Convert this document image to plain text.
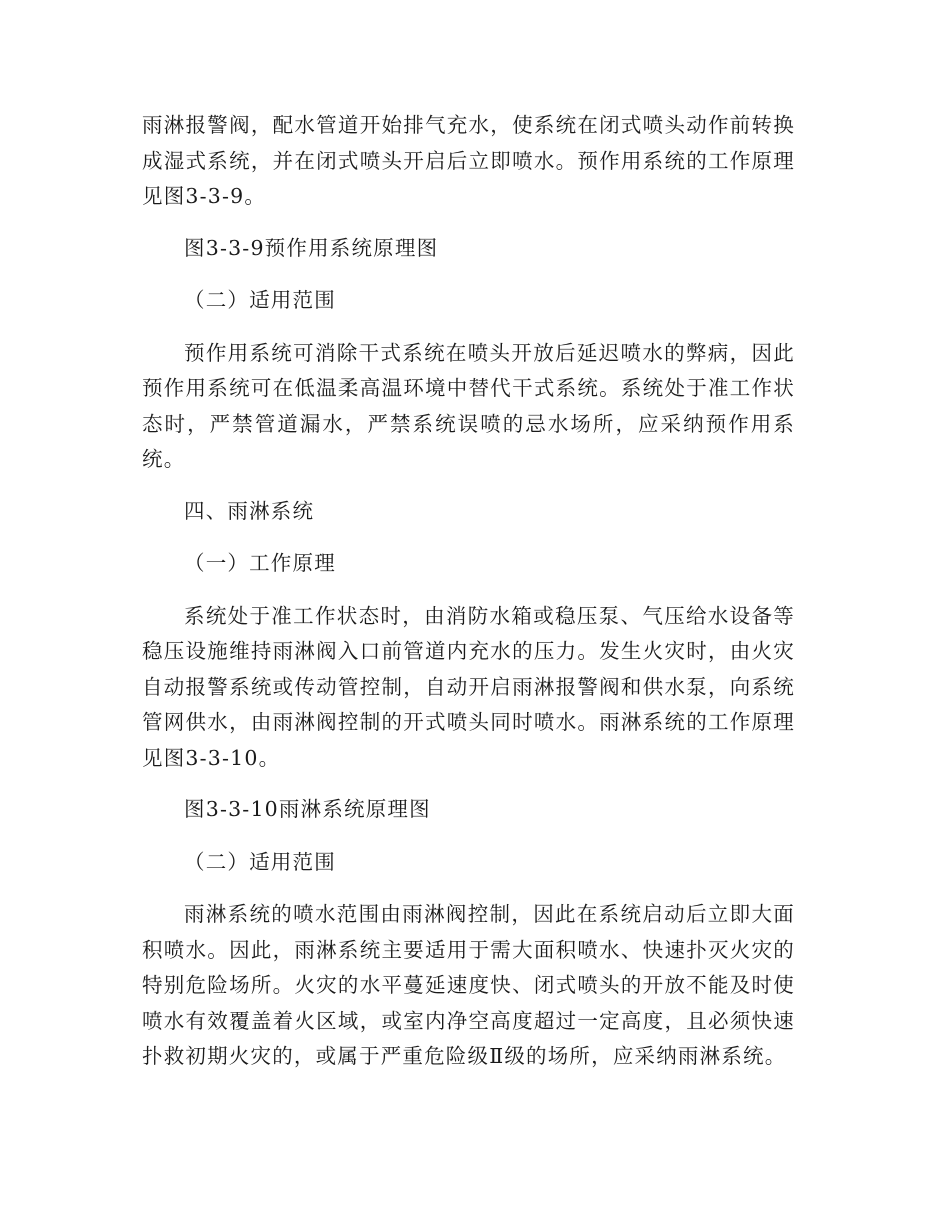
雨淋报警阀，配水管道开始排气充水，使系统在闭式喷头动作前转换成湿式系统，并在闭式喷头开启后立即喷水。预作用系统的工作原理见图3-3-9。

图3-3-9预作用系统原理图

（二）适用范围

预作用系统可消除干式系统在喷头开放后延迟喷水的弊病，因此预作用系统可在低温柔高温环境中替代干式系统。系统处于准工作状态时，严禁管道漏水，严禁系统误喷的忌水场所，应采纳预作用系统。

四、雨淋系统

（一）工作原理

系统处于准工作状态时，由消防水箱或稳压泵、气压给水设备等稳压设施维持雨淋阀入口前管道内充水的压力。发生火灾时，由火灾自动报警系统或传动管控制，自动开启雨淋报警阀和供水泵，向系统管网供水，由雨淋阀控制的开式喷头同时喷水。雨淋系统的工作原理见图3-3-10。

图3-3-10雨淋系统原理图

（二）适用范围

雨淋系统的喷水范围由雨淋阀控制，因此在系统启动后立即大面积喷水。因此，雨淋系统主要适用于需大面积喷水、快速扑灭火灾的特别危险场所。火灾的水平蔓延速度快、闭式喷头的开放不能及时使喷水有效覆盖着火区域，或室内净空高度超过一定高度，且必须快速扑救初期火灾的，或属于严重危险级Ⅱ级的场所，应采纳雨淋系统。
